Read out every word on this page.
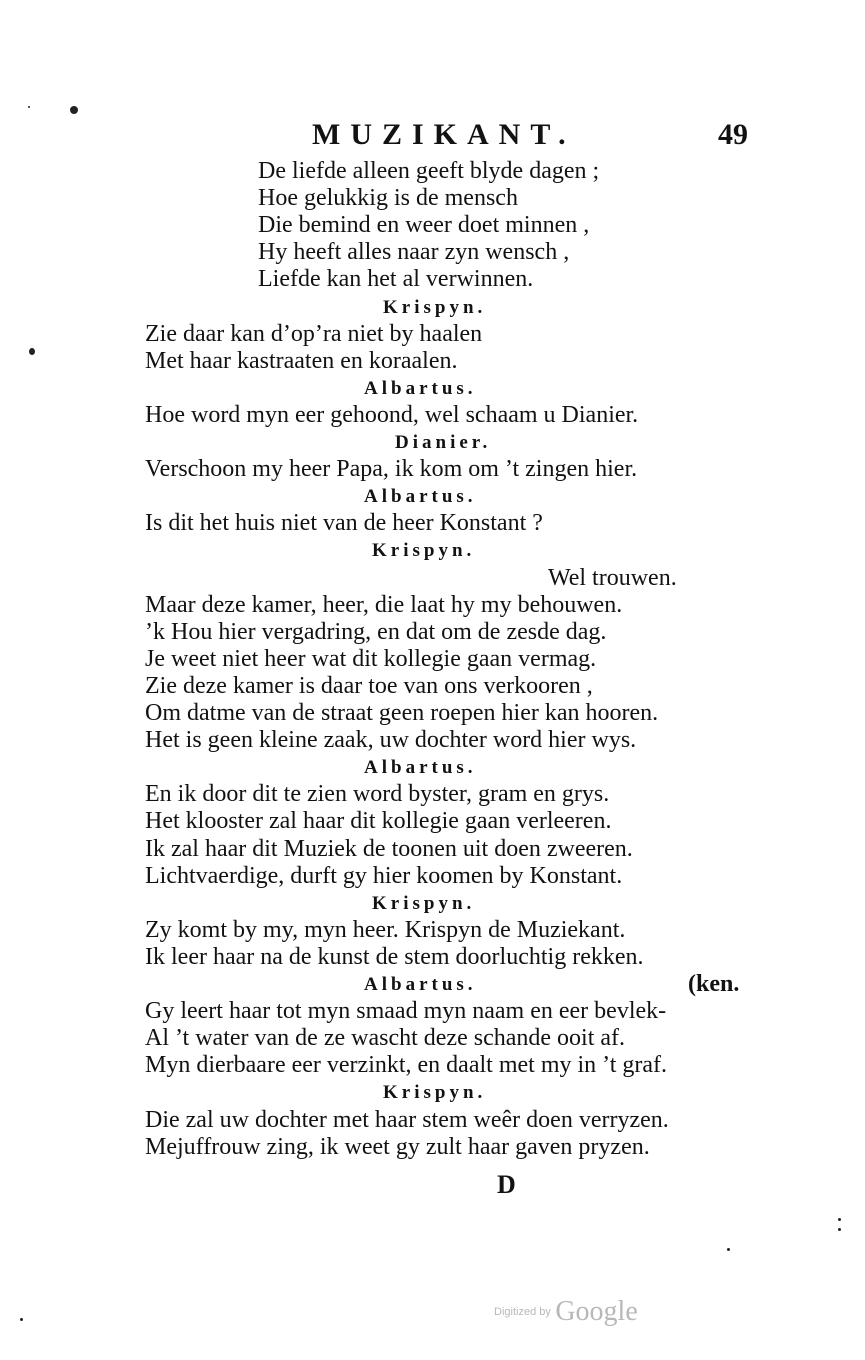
MUZIKANT.	49
De liefde alleen geeft blyde dagen ;
Hoe gelukkig is de mensch
Die bemind en weer doet minnen ,
Hy heeft alles naar zyn wensch ,
Liefde kan het al verwinnen.
Krispyn.
Zie daar kan d’op’ra niet by haalen
Met haar kastraaten en koraalen.
Albartus.
Hoe word myn eer gehoond, wel schaam u Dianier.
Dianier.
Verschoon my heer Papa, ik kom om ’t zingen hier.
Albartus.
Is dit het huis niet van de heer Konstant ?
Krispyn.
Wel trouwen.
Maar deze kamer, heer, die laat hy my behouwen.
’k Hou hier vergadring, en dat om de zesde dag.
Je weet niet heer wat dit kollegie gaan vermag.
Zie deze kamer is daar toe van ons verkooren ,
Om datme van de straat geen roepen hier kan hooren.
Het is geen kleine zaak, uw dochter word hier wys.
Albartus.
En ik door dit te zien word byster, gram en grys.
Het klooster zal haar dit kollegie gaan verleeren.
Ik zal haar dit Muziek de toonen uit doen zweeren.
Lichtvaerdige, durft gy hier koomen by Konstant.
Krispyn.
Zy komt by my, myn heer. Krispyn de Muziekant.
Ik leer haar na de kunst de stem doorluchtig rekken.
Albartus.	(ken.
Gy leert haar tot myn smaad myn naam en eer bevlek-
Al ’t water van de ze wascht deze schande ooit af.
Myn dierbaare eer verzinkt, en daalt met my in ’t graf.
Krispyn.
Die zal uw dochter met haar stem weêr doen verryzen.
Mejuffrouw zing, ik weet gy zult haar gaven pryzen.
D
Digitized by Google
